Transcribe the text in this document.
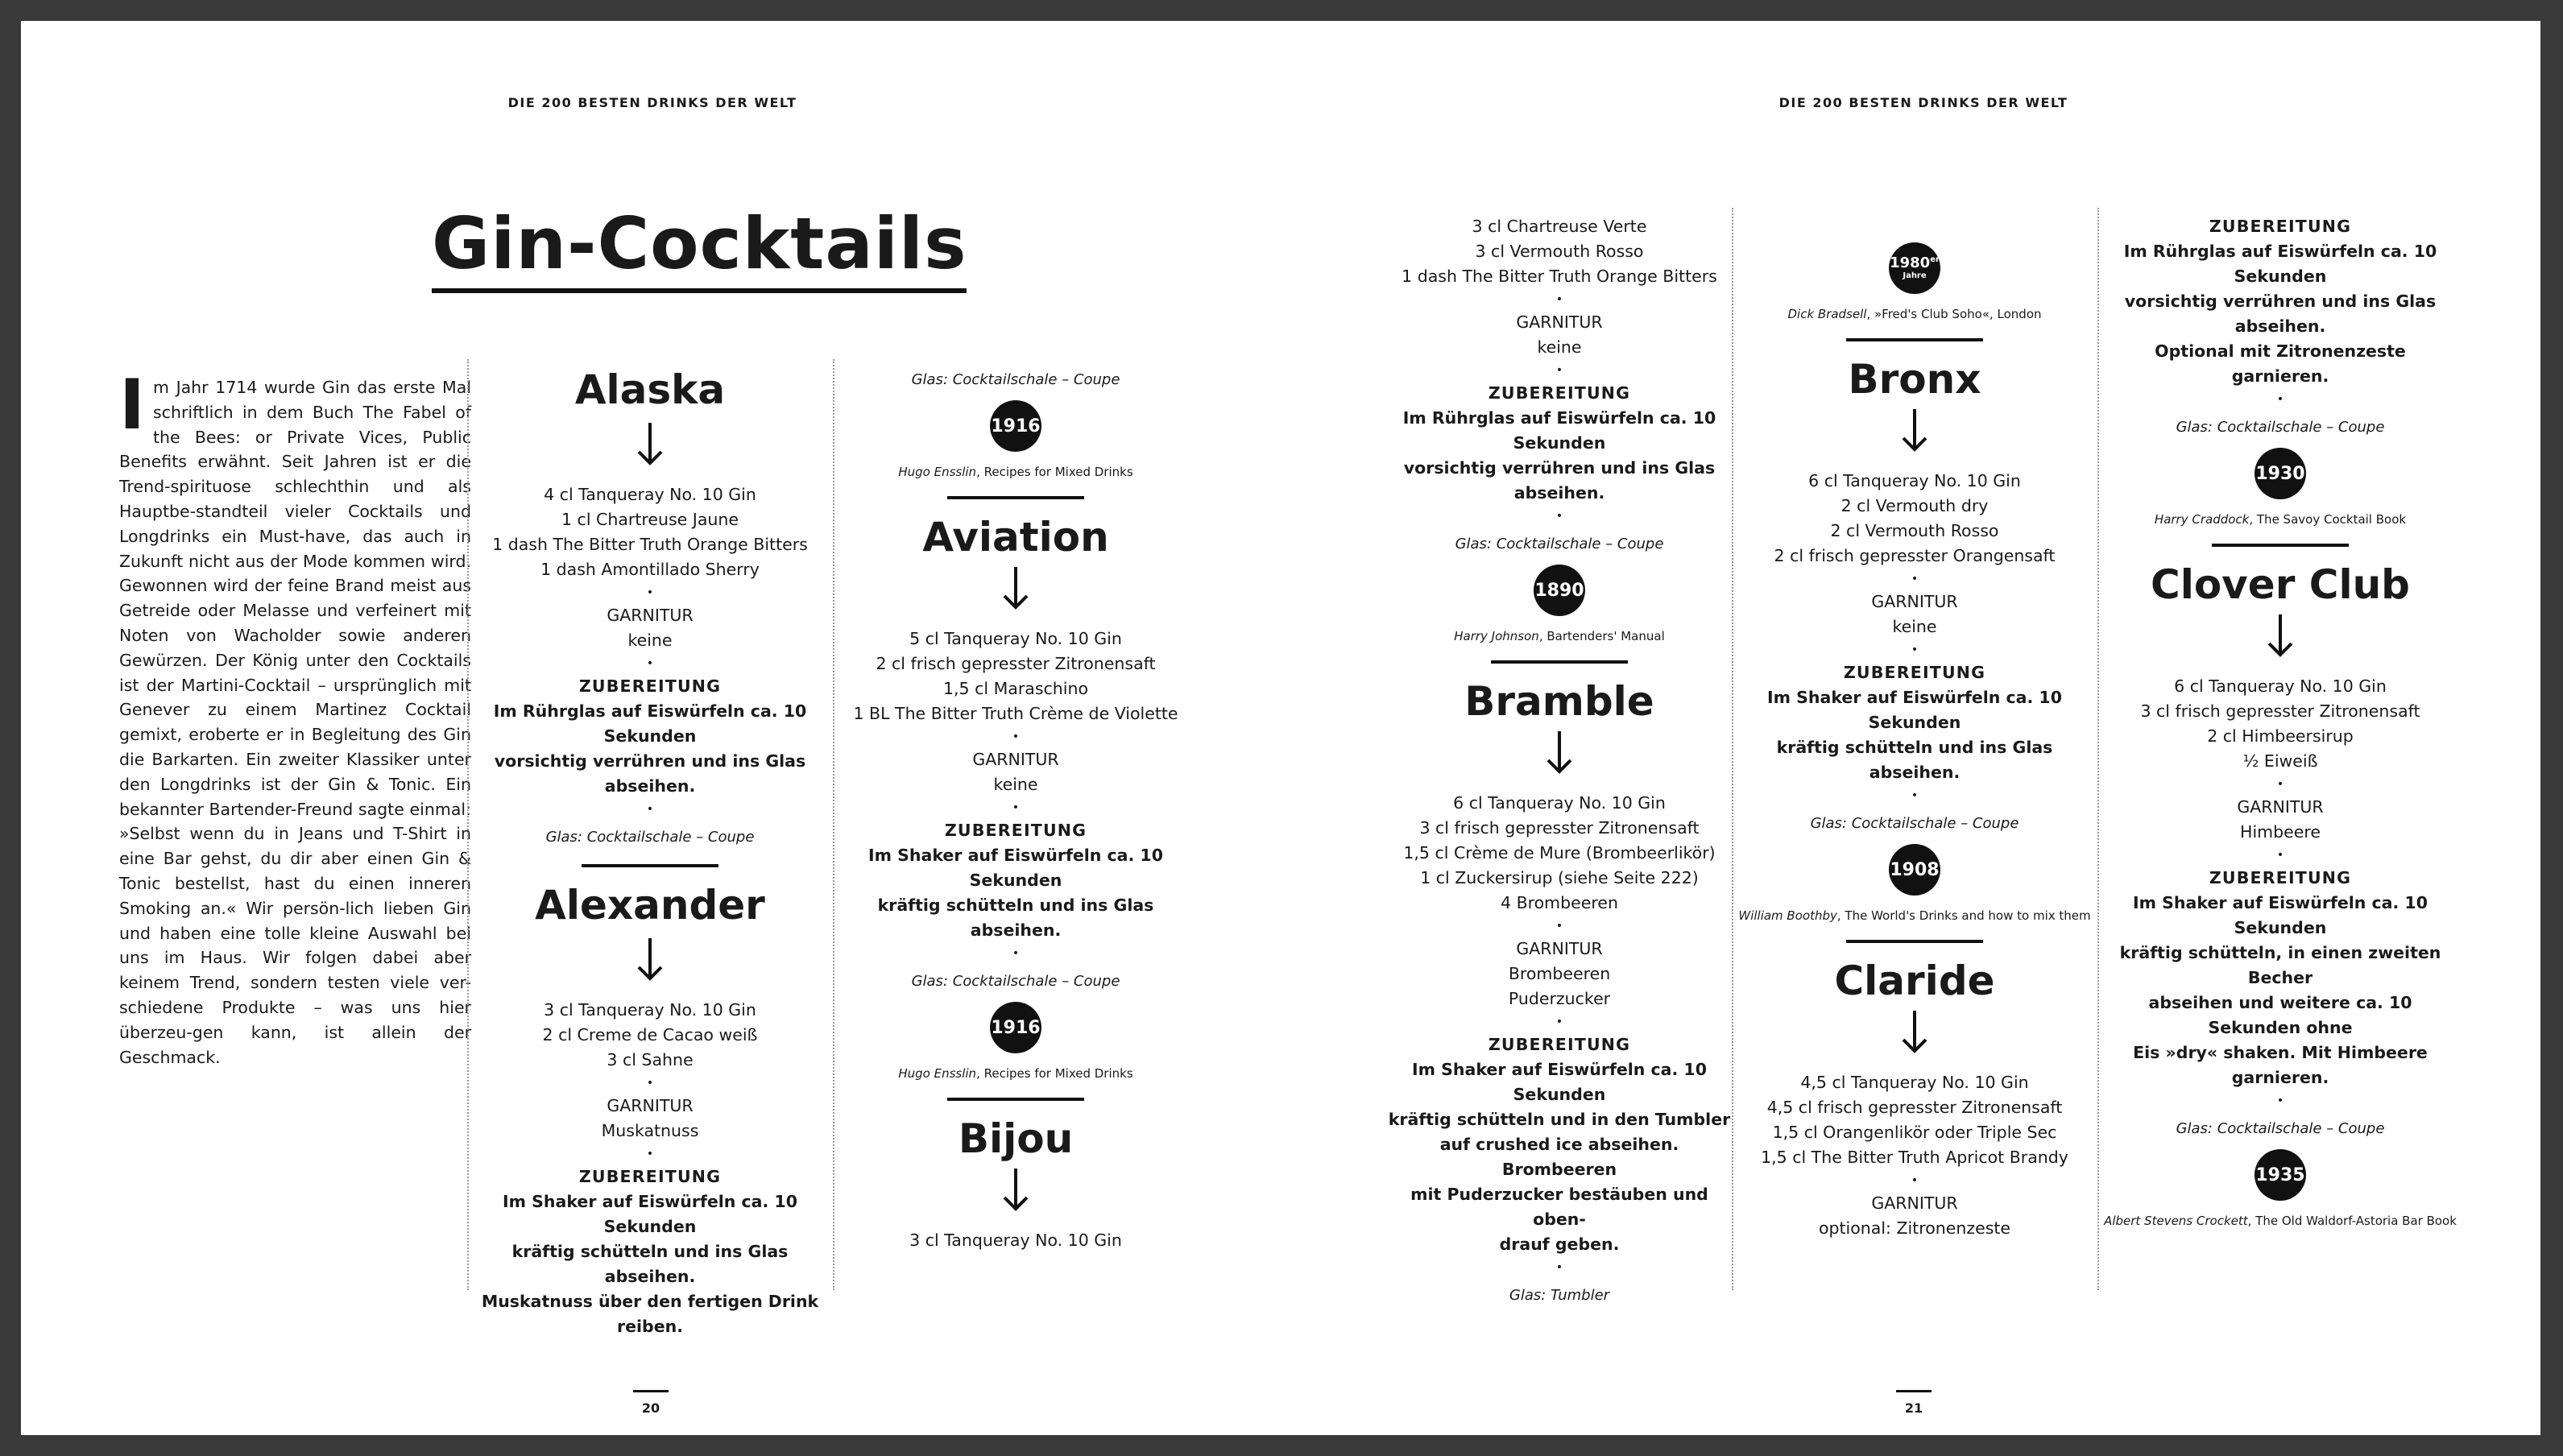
DIE 200 BESTEN DRINKS DER WELT	DIE 200 BESTEN DRINKS DER WELT
Gin-Cocktails
I m Jahr 1714 wurde Gin das erste Mal schriftlich in dem Buch The Fabel of the Bees: or Private Vices, Public Benefits erwähnt. Seit Jahren ist er die Trend-spirituose schlechthin und als Hauptbe-standteil vieler Cocktails und Longdrinks ein Must-have, das auch in Zukunft nicht aus der Mode kommen wird. Gewonnen wird der feine Brand meist aus Getreide oder Melasse und verfeinert mit Noten von Wacholder sowie anderen Gewürzen. Der König unter den Cocktails ist der Martini-Cocktail – ursprünglich mit Genever zu einem Martinez Cocktail gemixt, eroberte er in Begleitung des Gin die Barkarten. Ein zweiter Klassiker unter den Longdrinks ist der Gin & Tonic. Ein bekannter Bartender-Freund sagte einmal: »Selbst wenn du in Jeans und T-Shirt in eine Bar gehst, du dir aber einen Gin & Tonic bestellst, hast du einen inneren Smoking an.« Wir persön-lich lieben Gin und haben eine tolle kleine Auswahl bei uns im Haus. Wir folgen dabei aber keinem Trend, sondern testen viele ver-schiedene Produkte – was uns hier überzeu-gen kann, ist allein der Geschmack.
Alaska
4 cl Tanqueray No. 10 Gin
1 cl Chartreuse Jaune
1 dash The Bitter Truth Orange Bitters
1 dash Amontillado Sherry
•
GARNITUR
keine
•
ZUBEREITUNG
Im Rührglas auf Eiswürfeln ca. 10 Sekunden
vorsichtig verrühren und ins Glas abseihen.
•
Glas: Cocktailschale – Coupe
Alexander
3 cl Tanqueray No. 10 Gin
2 cl Creme de Cacao weiß
3 cl Sahne
•
GARNITUR
Muskatnuss
•
ZUBEREITUNG
Im Shaker auf Eiswürfeln ca. 10 Sekunden
kräftig schütteln und ins Glas abseihen.
Muskatnuss über den fertigen Drink reiben.
Glas: Cocktailschale – Coupe
1916
Hugo Ensslin, Recipes for Mixed Drinks
Aviation
5 cl Tanqueray No. 10 Gin
2 cl frisch gepresster Zitronensaft
1,5 cl Maraschino
1 BL The Bitter Truth Crème de Violette
•
GARNITUR
keine
•
ZUBEREITUNG
Im Shaker auf Eiswürfeln ca. 10 Sekunden
kräftig schütteln und ins Glas abseihen.
•
Glas: Cocktailschale – Coupe
1916
Hugo Ensslin, Recipes for Mixed Drinks
Bijou
3 cl Tanqueray No. 10 Gin
3 cl Chartreuse Verte
3 cl Vermouth Rosso
1 dash The Bitter Truth Orange Bitters
•
GARNITUR
keine
•
ZUBEREITUNG
Im Rührglas auf Eiswürfeln ca. 10 Sekunden
vorsichtig verrühren und ins Glas abseihen.
•
Glas: Cocktailschale – Coupe
1890
Harry Johnson, Bartenders' Manual
Bramble
6 cl Tanqueray No. 10 Gin
3 cl frisch gepresster Zitronensaft
1,5 cl Crème de Mure (Brombeerlikör)
1 cl Zuckersirup (siehe Seite 222)
4 Brombeeren
•
GARNITUR
Brombeeren
Puderzucker
•
ZUBEREITUNG
Im Shaker auf Eiswürfeln ca. 10 Sekunden
kräftig schütteln und in den Tumbler
auf crushed ice abseihen. Brombeeren
mit Puderzucker bestäuben und oben-
drauf geben.
•
Glas: Tumbler
1980er
Jahre
Dick Bradsell, »Fred's Club Soho«, London
Bronx
6 cl Tanqueray No. 10 Gin
2 cl Vermouth dry
2 cl Vermouth Rosso
2 cl frisch gepresster Orangensaft
•
GARNITUR
keine
•
ZUBEREITUNG
Im Shaker auf Eiswürfeln ca. 10 Sekunden
kräftig schütteln und ins Glas abseihen.
•
Glas: Cocktailschale – Coupe
1908
William Boothby, The World's Drinks and how to mix them
Claride
4,5 cl Tanqueray No. 10 Gin
4,5 cl frisch gepresster Zitronensaft
1,5 cl Orangenlikör oder Triple Sec
1,5 cl The Bitter Truth Apricot Brandy
•
GARNITUR
optional: Zitronenzeste
ZUBEREITUNG
Im Rührglas auf Eiswürfeln ca. 10 Sekunden
vorsichtig verrühren und ins Glas abseihen.
Optional mit Zitronenzeste garnieren.
•
Glas: Cocktailschale – Coupe
1930
Harry Craddock, The Savoy Cocktail Book
Clover Club
6 cl Tanqueray No. 10 Gin
3 cl frisch gepresster Zitronensaft
2 cl Himbeersirup
½ Eiweiß
•
GARNITUR
Himbeere
•
ZUBEREITUNG
Im Shaker auf Eiswürfeln ca. 10 Sekunden
kräftig schütteln, in einen zweiten Becher
abseihen und weitere ca. 10 Sekunden ohne
Eis »dry« shaken. Mit Himbeere garnieren.
•
Glas: Cocktailschale – Coupe
1935
Albert Stevens Crockett, The Old Waldorf-Astoria Bar Book
20	21
